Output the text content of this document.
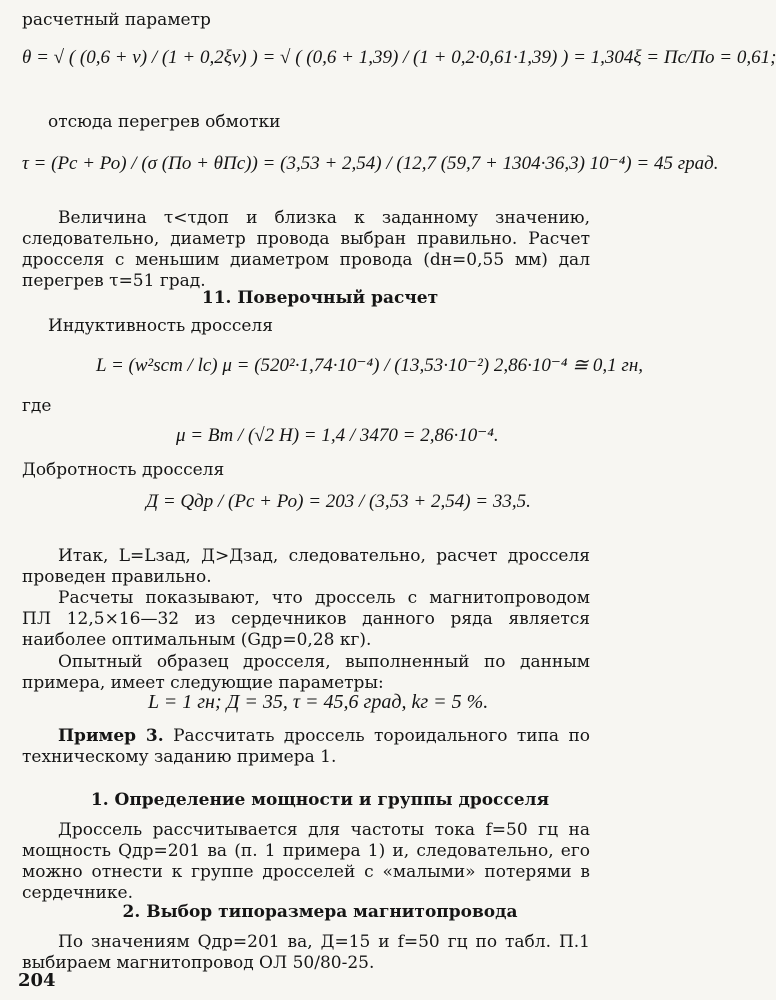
расчетный параметр

θ = √ ( (0,6 + ν) / (1 + 0,2ξν) ) = √ ( (0,6 + 1,39) / (1 + 0,2·0,61·1,39) ) = 1,304ξ = Пс/По = 0,61;

отсюда перегрев обмотки

τ = (Рс + Ро) / (σ (По + θПс)) = (3,53 + 2,54) / (12,7 (59,7 + 1304·36,3) 10⁻⁴) = 45 град.

Величина τ<τдоп и близка к заданному значению, следовательно, диаметр провода выбран правильно. Расчет дросселя с меньшим диаметром провода (dн=0,55 мм) дал перегрев τ=51 град.

11. Поверочный расчет

Индуктивность дросселя

L = (w²sст / lс) μ = (520²·1,74·10⁻⁴) / (13,53·10⁻²) 2,86·10⁻⁴ ≅ 0,1 гн,

где

μ = Bm / (√2 H) = 1,4 / 3470 = 2,86·10⁻⁴.

Добротность дросселя

Д = Qдр / (Рс + Ро) = 203 / (3,53 + 2,54) = 33,5.

Итак, L=Lзад, Д>Дзад, следовательно, расчет дросселя проведен правильно.

Расчеты показывают, что дроссель с магнитопроводом ПЛ 12,5×16—32 из сердечников данного ряда является наиболее оптимальным (Gдр=0,28 кг).

Опытный образец дросселя, выполненный по данным примера, имеет следующие параметры:

L = 1 гн; Д = 35, τ = 45,6 град, kг = 5 %.

Пример 3. Рассчитать дроссель тороидального типа по техническому заданию примера 1.

1. Определение мощности и группы дросселя

Дроссель рассчитывается для частоты тока f=50 гц на мощность Qдр=201 ва (п. 1 примера 1) и, следовательно, его можно отнести к группе дросселей с «малыми» потерями в сердечнике.

2. Выбор типоразмера магнитопровода

По значениям Qдр=201 ва, Д=15 и f=50 гц по табл. П.1 выбираем магнитопровод ОЛ 50/80-25.

204
